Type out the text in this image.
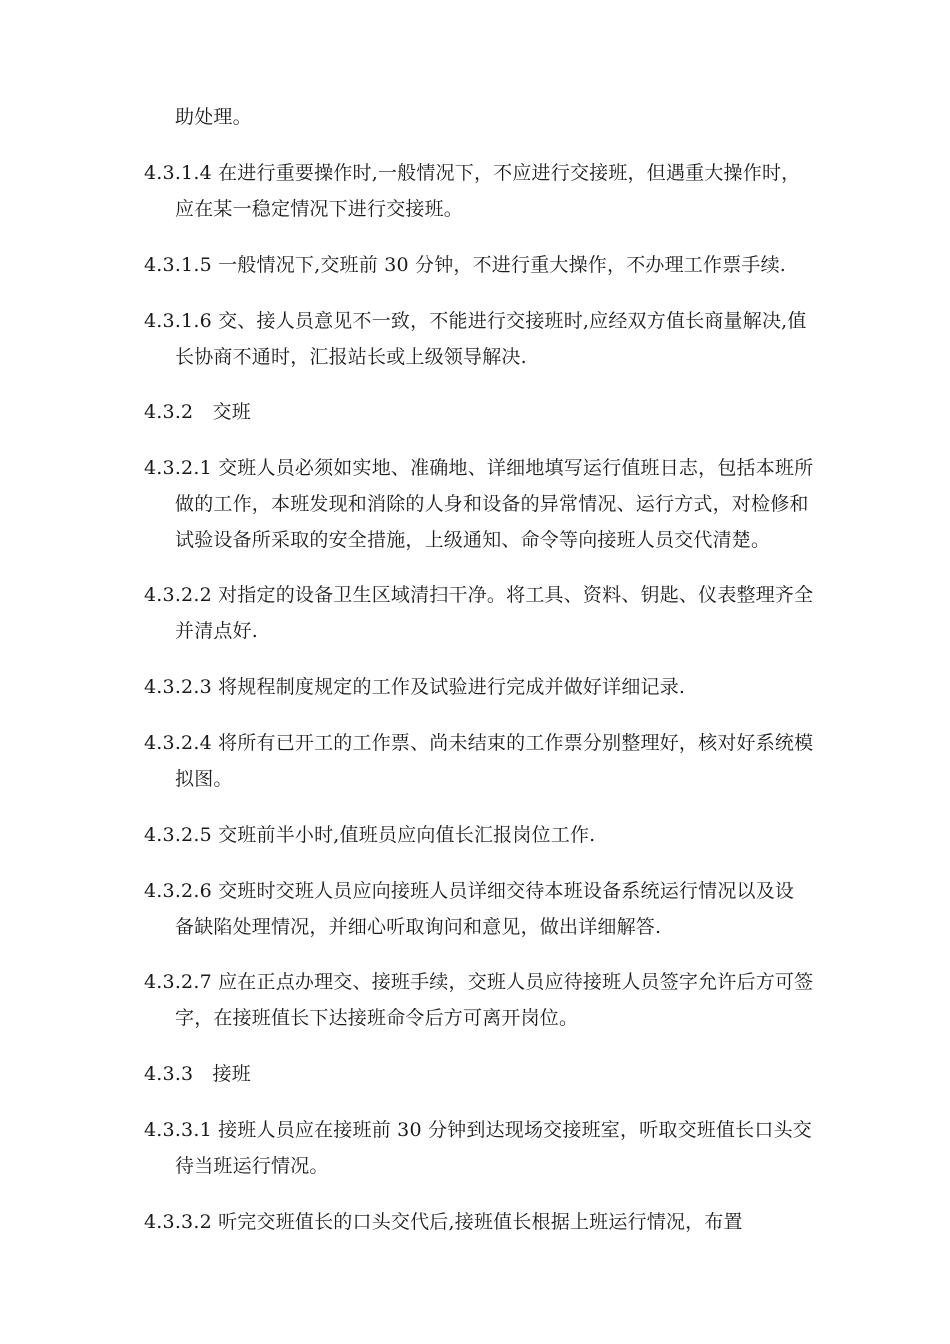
助处理。
4.3.1.4 在进行重要操作时,一般情况下，不应进行交接班，但遇重大操作时，
应在某一稳定情况下进行交接班。
4.3.1.5 一般情况下,交班前 30 分钟，不进行重大操作，不办理工作票手续.
4.3.1.6 交、接人员意见不一致，不能进行交接班时,应经双方值长商量解决,值
长协商不通时，汇报站长或上级领导解决.
4.3.2　交班
4.3.2.1 交班人员必须如实地、准确地、详细地填写运行值班日志，包括本班所
做的工作，本班发现和消除的人身和设备的异常情况、运行方式，对检修和
试验设备所采取的安全措施，上级通知、命令等向接班人员交代清楚。
4.3.2.2 对指定的设备卫生区域清扫干净。将工具、资料、钥匙、仪表整理齐全
并清点好.
4.3.2.3 将规程制度规定的工作及试验进行完成并做好详细记录.
4.3.2.4 将所有已开工的工作票、尚未结束的工作票分别整理好，核对好系统模
拟图。
4.3.2.5 交班前半小时,值班员应向值长汇报岗位工作.
4.3.2.6 交班时交班人员应向接班人员详细交待本班设备系统运行情况以及设
备缺陷处理情况，并细心听取询问和意见，做出详细解答.
4.3.2.7 应在正点办理交、接班手续，交班人员应待接班人员签字允许后方可签
字，在接班值长下达接班命令后方可离开岗位。
4.3.3　接班
4.3.3.1 接班人员应在接班前 30 分钟到达现场交接班室，听取交班值长口头交
待当班运行情况。
4.3.3.2 听完交班值长的口头交代后,接班值长根据上班运行情况，布置
